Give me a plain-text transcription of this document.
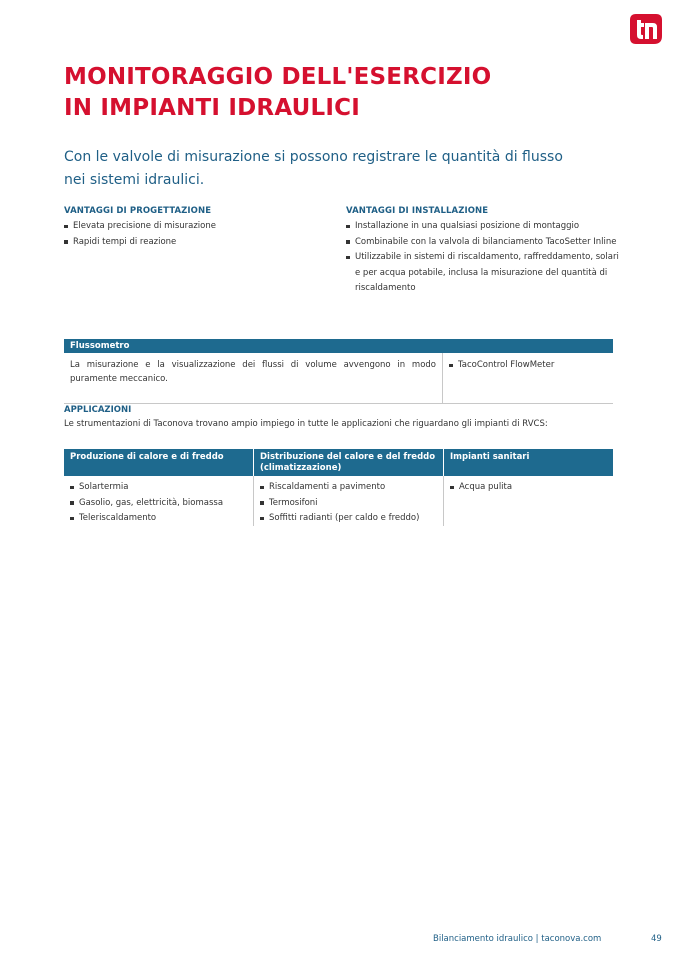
MONITORAGGIO DELL'ESERCIZIO
IN IMPIANTI IDRAULICI
Con le valvole di misurazione si possono registrare le quantità di flusso
nei sistemi idraulici.
VANTAGGI DI PROGETTAZIONE
Elevata precisione di misurazione
Rapidi tempi di reazione
VANTAGGI DI INSTALLAZIONE
Installazione in una qualsiasi posizione di montaggio
Combinabile con la valvola di bilanciamento TacoSetter Inline
Utilizzabile in sistemi di riscaldamento, raffreddamento, solari e per acqua potabile, inclusa la misurazione del quantità di riscaldamento
Flussometro
La misurazione e la visualizzazione dei flussi di volume avvengono in modo puramente meccanico.
TacoControl FlowMeter
APPLICAZIONI
Le strumentazioni di Taconova trovano ampio impiego in tutte le applicazioni che riguardano gli impianti di RVCS:
Produzione di calore e di freddo	Distribuzione del calore e del freddo (climatizzazione)
Impianti sanitari
Solartermia
Gasolio, gas, elettricità, biomassa
Teleriscaldamento
Riscaldamenti a pavimento
Termosifoni
Soffitti radianti (per caldo e freddo)
Acqua pulita
Bilanciamento idraulico | taconova.com	49
